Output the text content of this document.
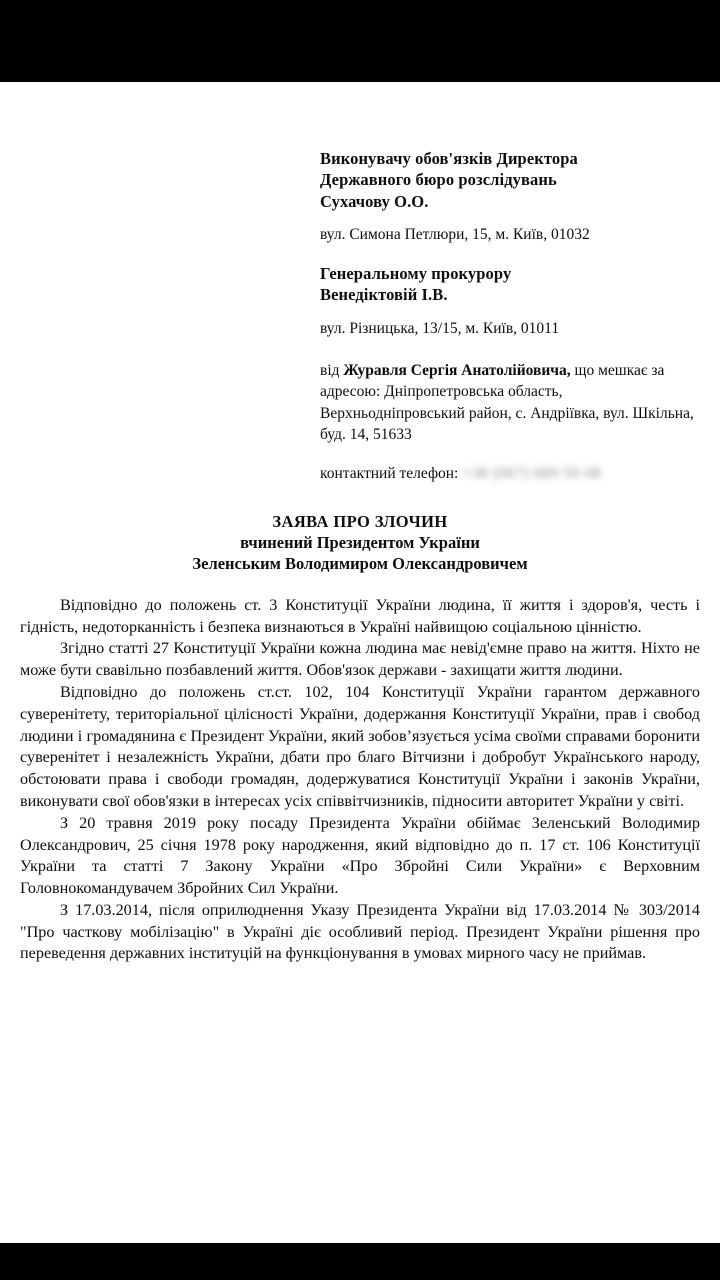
Виконувачу обов'язків Директора
Державного бюро розслідувань
Сухачову О.О.
вул. Симона Петлюри, 15, м. Київ, 01032
Генеральному прокурору
Венедіктовій І.В.
вул. Різницька, 13/15, м. Київ, 01011
від Журавля Сергія Анатолійовича, що мешкає за адресою: Дніпропетровська область, Верхньодніпровський район, с. Андріївка, вул. Шкільна, буд. 14, 51633
контактний телефон: +38 (067) 689 50 08
ЗАЯВА ПРО ЗЛОЧИН
вчинений Президентом України
Зеленським Володимиром Олександровичем

Відповідно до положень ст. 3 Конституції України людина, її життя і здоров'я, честь і гідність, недоторканність і безпека визнаються в Україні найвищою соціальною цінністю.

Згідно статті 27 Конституції України кожна людина має невід'ємне право на життя. Ніхто не може бути свавільно позбавлений життя. Обов'язок держави - захищати життя людини.

Відповідно до положень ст.ст. 102, 104 Конституції України гарантом державного суверенітету, територіальної цілісності України, додержання Конституції України, прав і свобод людини і громадянина є Президент України, який зобов’язується усіма своїми справами боронити суверенітет і незалежність України, дбати про благо Вітчизни і добробут Українського народу, обстоювати права і свободи громадян, додержуватися Конституції України і законів України, виконувати свої обов'язки в інтересах усіх співвітчизників, підносити авторитет України у світі.

З 20 травня 2019 року посаду Президента України обіймає Зеленський Володимир Олександрович, 25 січня 1978 року народження, який відповідно до п. 17 ст. 106 Конституції України та статті 7 Закону України «Про Збройні Сили України» є Верховним Головнокомандувачем Збройних Сил України.

З 17.03.2014, після оприлюднення Указу Президента України від 17.03.2014 № 303/2014 "Про часткову мобілізацію" в Україні діє особливий період. Президент України рішення про переведення державних інституцій на функціонування в умовах мирного часу не приймав.
